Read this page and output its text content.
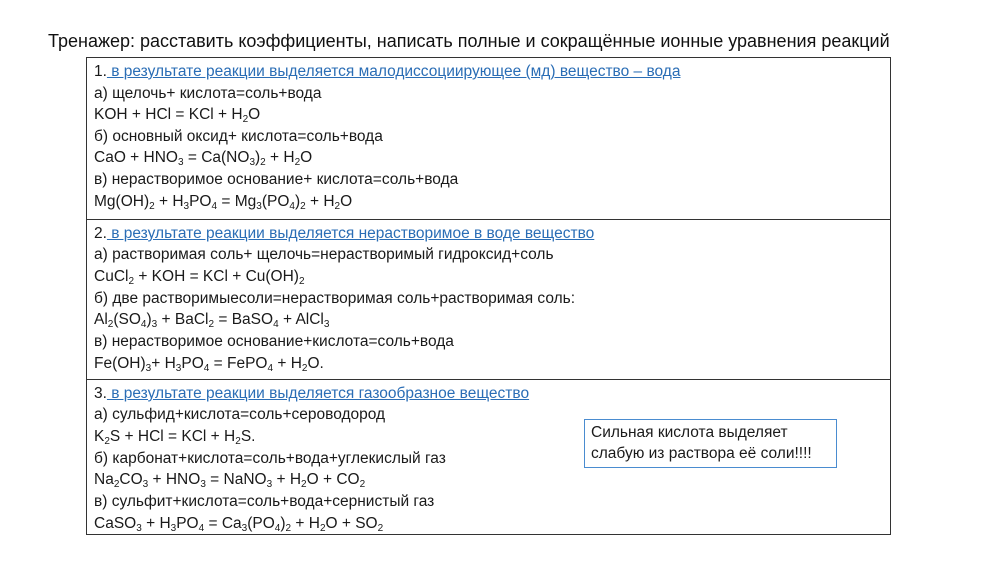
Тренажер: расставить коэффициенты, написать полные и сокращённые ионные уравнения реакций
1. в результате реакции выделяется малодиссоциирующее (мд) вещество – вода
а) щелочь+ кислота=соль+вода
KOH + HCl = KCl + $H_2O$
б) основный оксид+ кислота=соль+вода
CaO + $HNO_3 = Ca(NO_3)_2 + H_2O$
в) нерастворимое основание+ кислота=соль+вода
$Mg(OH)_2 + H_3PO_4 = Mg_3(PO_4)_2 + H_2O$
2. в результате реакции выделяется нерастворимое в воде вещество
а) растворимая соль+ щелочь=нерастворимый гидроксид+соль
CuCl$_2$ + KOH = KCl + $Cu(OH)_2$
б) две растворимыесоли=нерастворимая соль+растворимая соль:
$Al_2(SO_4)_3$ + BaCl$_2$ = BaSO$_4$ + AlCl$_3$
в) нерастворимое основание+кислота=соль+вода
$Fe(OH)_3+ H_3PO_4$ = FePO$_4$ + $H_2O$.
3. в результате реакции выделяется газообразное вещество
а) сульфид+кислота=соль+сероводород
$K_2S$ + HCl = KCl + $H_2S$.
б) карбонат+кислота=соль+вода+углекислый газ
$Na_2CO_3 + HNO_3$ = NaNO$_3$ + $H_2O + CO_2$
в) сульфит+кислота=соль+вода+сернистый газ
CaSO$_3$ + $H_3PO_4 = Ca_3(PO_4)_2 + H_2O + SO_2$
Сильная кислота выделяет
слабую из раствора её соли!!!!
